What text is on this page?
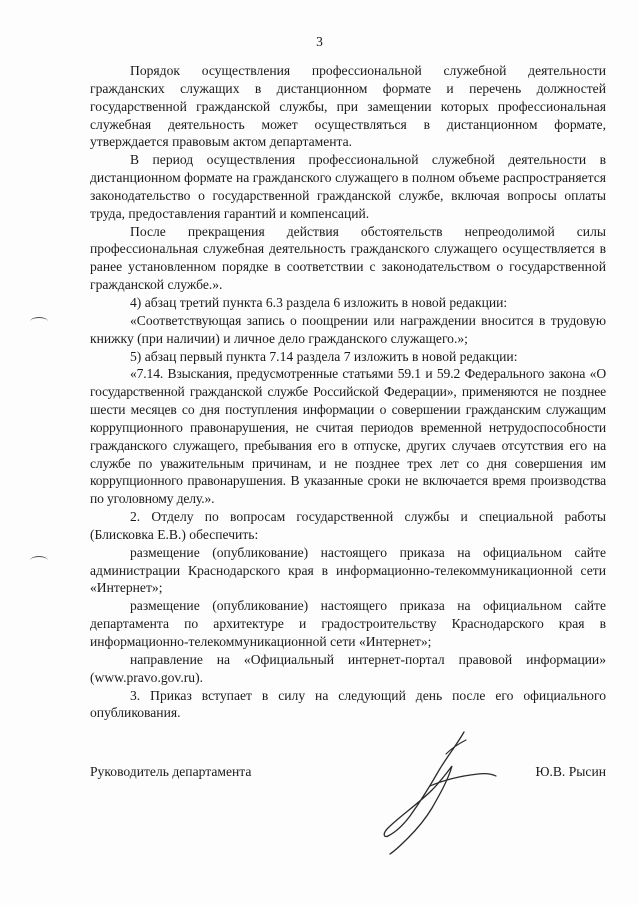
3

Порядок осуществления профессиональной служебной деятельности гражданских служащих в дистанционном формате и перечень должностей государственной гражданской службы, при замещении которых профессиональная служебная деятельность может осуществляться в дистанционном формате, утверждается правовым актом департамента.

В период осуществления профессиональной служебной деятельности в дистанционном формате на гражданского служащего в полном объеме распространяется законодательство о государственной гражданской службе, включая вопросы оплаты труда, предоставления гарантий и компенсаций.

После прекращения действия обстоятельств непреодолимой силы профессиональная служебная деятельность гражданского служащего осуществляется в ранее установленном порядке в соответствии с законодательством о государственной гражданской службе.».

4) абзац третий пункта 6.3 раздела 6 изложить в новой редакции:

«Соответствующая запись о поощрении или награждении вносится в трудовую книжку (при наличии) и личное дело гражданского служащего.»;

5) абзац первый пункта 7.14 раздела 7 изложить в новой редакции:

«7.14. Взыскания, предусмотренные статьями 59.1 и 59.2 Федерального закона «О государственной гражданской службе Российской Федерации», применяются не позднее шести месяцев со дня поступления информации о совершении гражданским служащим коррупционного правонарушения, не считая периодов временной нетрудоспособности гражданского служащего, пребывания его в отпуске, других случаев отсутствия его на службе по уважительным причинам, и не позднее трех лет со дня совершения им коррупционного правонарушения. В указанные сроки не включается время производства по уголовному делу.».

2. Отделу по вопросам государственной службы и специальной работы (Блисковка Е.В.) обеспечить:

размещение (опубликование) настоящего приказа на официальном сайте администрации Краснодарского края в информационно-телекоммуникационной сети «Интернет»;

размещение (опубликование) настоящего приказа на официальном сайте департамента по архитектуре и градостроительству Краснодарского края в информационно-телекоммуникационной сети «Интернет»;

направление на «Официальный интернет-портал правовой информации» (www.pravo.gov.ru).

3. Приказ вступает в силу на следующий день после его официального опубликования.

Руководитель департамента	Ю.В. Рысин
